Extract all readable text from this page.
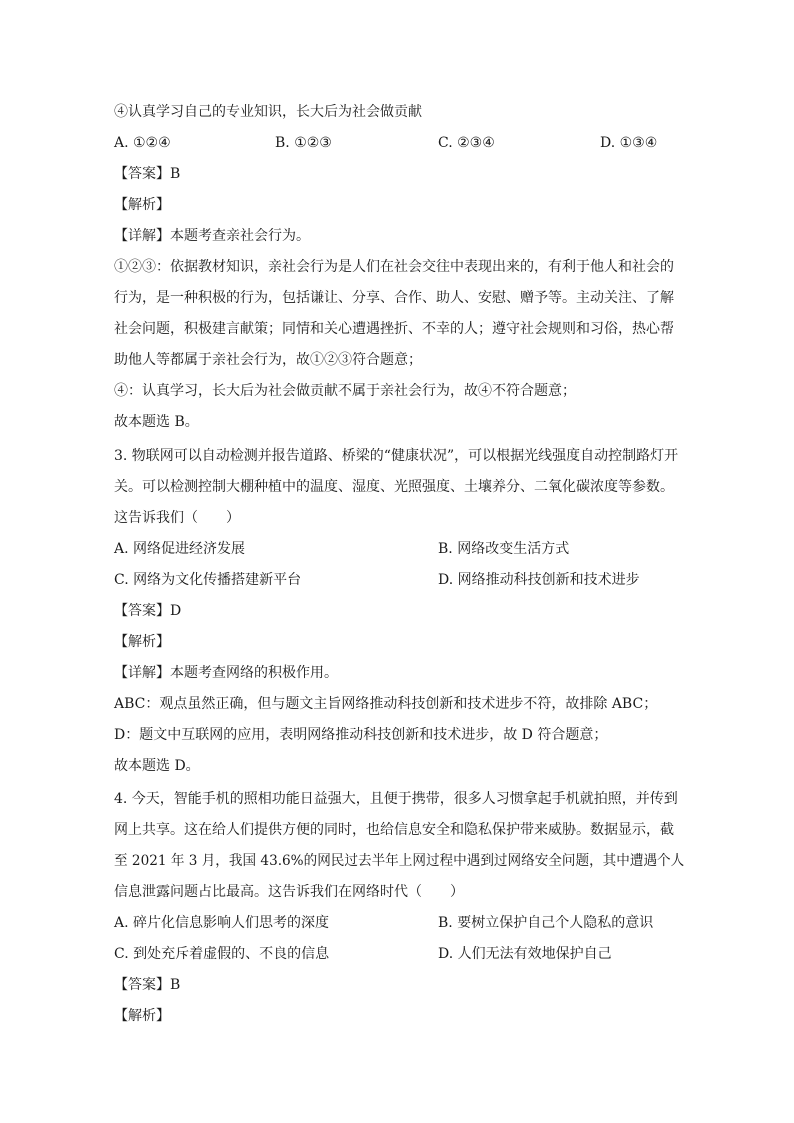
④认真学习自己的专业知识，长大后为社会做贡献
A. ①②④	B. ①②③	C. ②③④	D. ①③④
【答案】B
【解析】
【详解】本题考查亲社会行为。
①②③：依据教材知识，亲社会行为是人们在社会交往中表现出来的，有利于他人和社会的
行为，是一种积极的行为，包括谦让、分享、合作、助人、安慰、赠予等。主动关注、了解
社会问题，积极建言献策；同情和关心遭遇挫折、不幸的人；遵守社会规则和习俗，热心帮
助他人等都属于亲社会行为，故①②③符合题意；
④：认真学习，长大后为社会做贡献不属于亲社会行为，故④不符合题意；
故本题选 B。
3. 物联网可以自动检测并报告道路、桥梁的“健康状况”，可以根据光线强度自动控制路灯开
关。可以检测控制大棚种植中的温度、湿度、光照强度、土壤养分、二氧化碳浓度等参数。
这告诉我们（　　）
A. 网络促进经济发展	B. 网络改变生活方式
C. 网络为文化传播搭建新平台	D. 网络推动科技创新和技术进步
【答案】D
【解析】
【详解】本题考查网络的积极作用。
ABC：观点虽然正确，但与题文主旨网络推动科技创新和技术进步不符，故排除 ABC；
D：题文中互联网的应用，表明网络推动科技创新和技术进步，故 D 符合题意；
故本题选 D。
4. 今天，智能手机的照相功能日益强大，且便于携带，很多人习惯拿起手机就拍照，并传到
网上共享。这在给人们提供方便的同时，也给信息安全和隐私保护带来威胁。数据显示，截
至 2021 年 3 月，我国 43.6%的网民过去半年上网过程中遇到过网络安全问题，其中遭遇个人
信息泄露问题占比最高。这告诉我们在网络时代（　　）
A. 碎片化信息影响人们思考的深度	B. 要树立保护自己个人隐私的意识
C. 到处充斥着虚假的、不良的信息	D. 人们无法有效地保护自己
【答案】B
【解析】
